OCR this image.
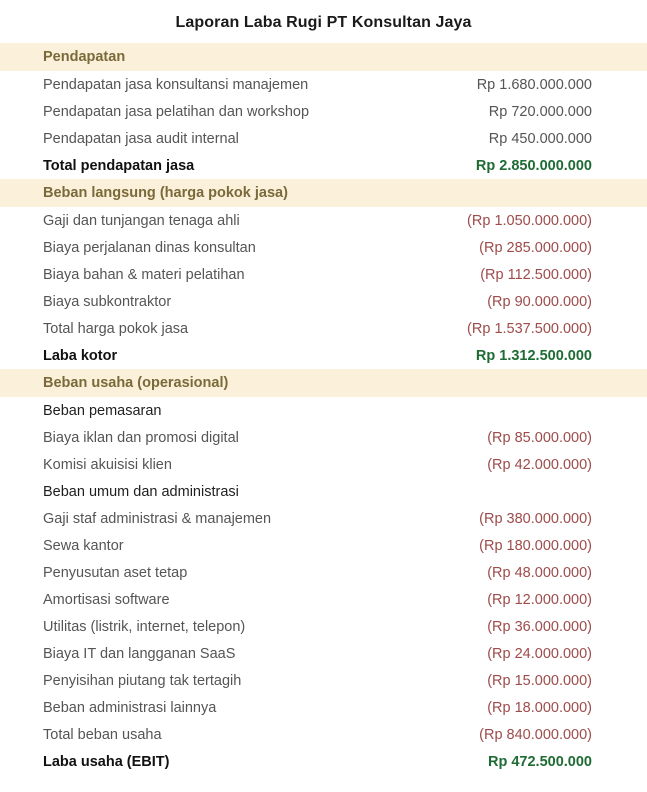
Laporan Laba Rugi PT Konsultan Jaya
Pendapatan
Pendapatan jasa konsultansi manajemen	Rp 1.680.000.000
Pendapatan jasa pelatihan dan workshop	Rp 720.000.000
Pendapatan jasa audit internal	Rp 450.000.000
Total pendapatan jasa	Rp 2.850.000.000
Beban langsung (harga pokok jasa)
Gaji dan tunjangan tenaga ahli	(Rp 1.050.000.000)
Biaya perjalanan dinas konsultan	(Rp 285.000.000)
Biaya bahan & materi pelatihan	(Rp 112.500.000)
Biaya subkontraktor	(Rp 90.000.000)
Total harga pokok jasa	(Rp 1.537.500.000)
Laba kotor	Rp 1.312.500.000
Beban usaha (operasional)
Beban pemasaran
Biaya iklan dan promosi digital	(Rp 85.000.000)
Komisi akuisisi klien	(Rp 42.000.000)
Beban umum dan administrasi
Gaji staf administrasi & manajemen	(Rp 380.000.000)
Sewa kantor	(Rp 180.000.000)
Penyusutan aset tetap	(Rp 48.000.000)
Amortisasi software	(Rp 12.000.000)
Utilitas (listrik, internet, telepon)	(Rp 36.000.000)
Biaya IT dan langganan SaaS	(Rp 24.000.000)
Penyisihan piutang tak tertagih	(Rp 15.000.000)
Beban administrasi lainnya	(Rp 18.000.000)
Total beban usaha	(Rp 840.000.000)
Laba usaha (EBIT)	Rp 472.500.000
